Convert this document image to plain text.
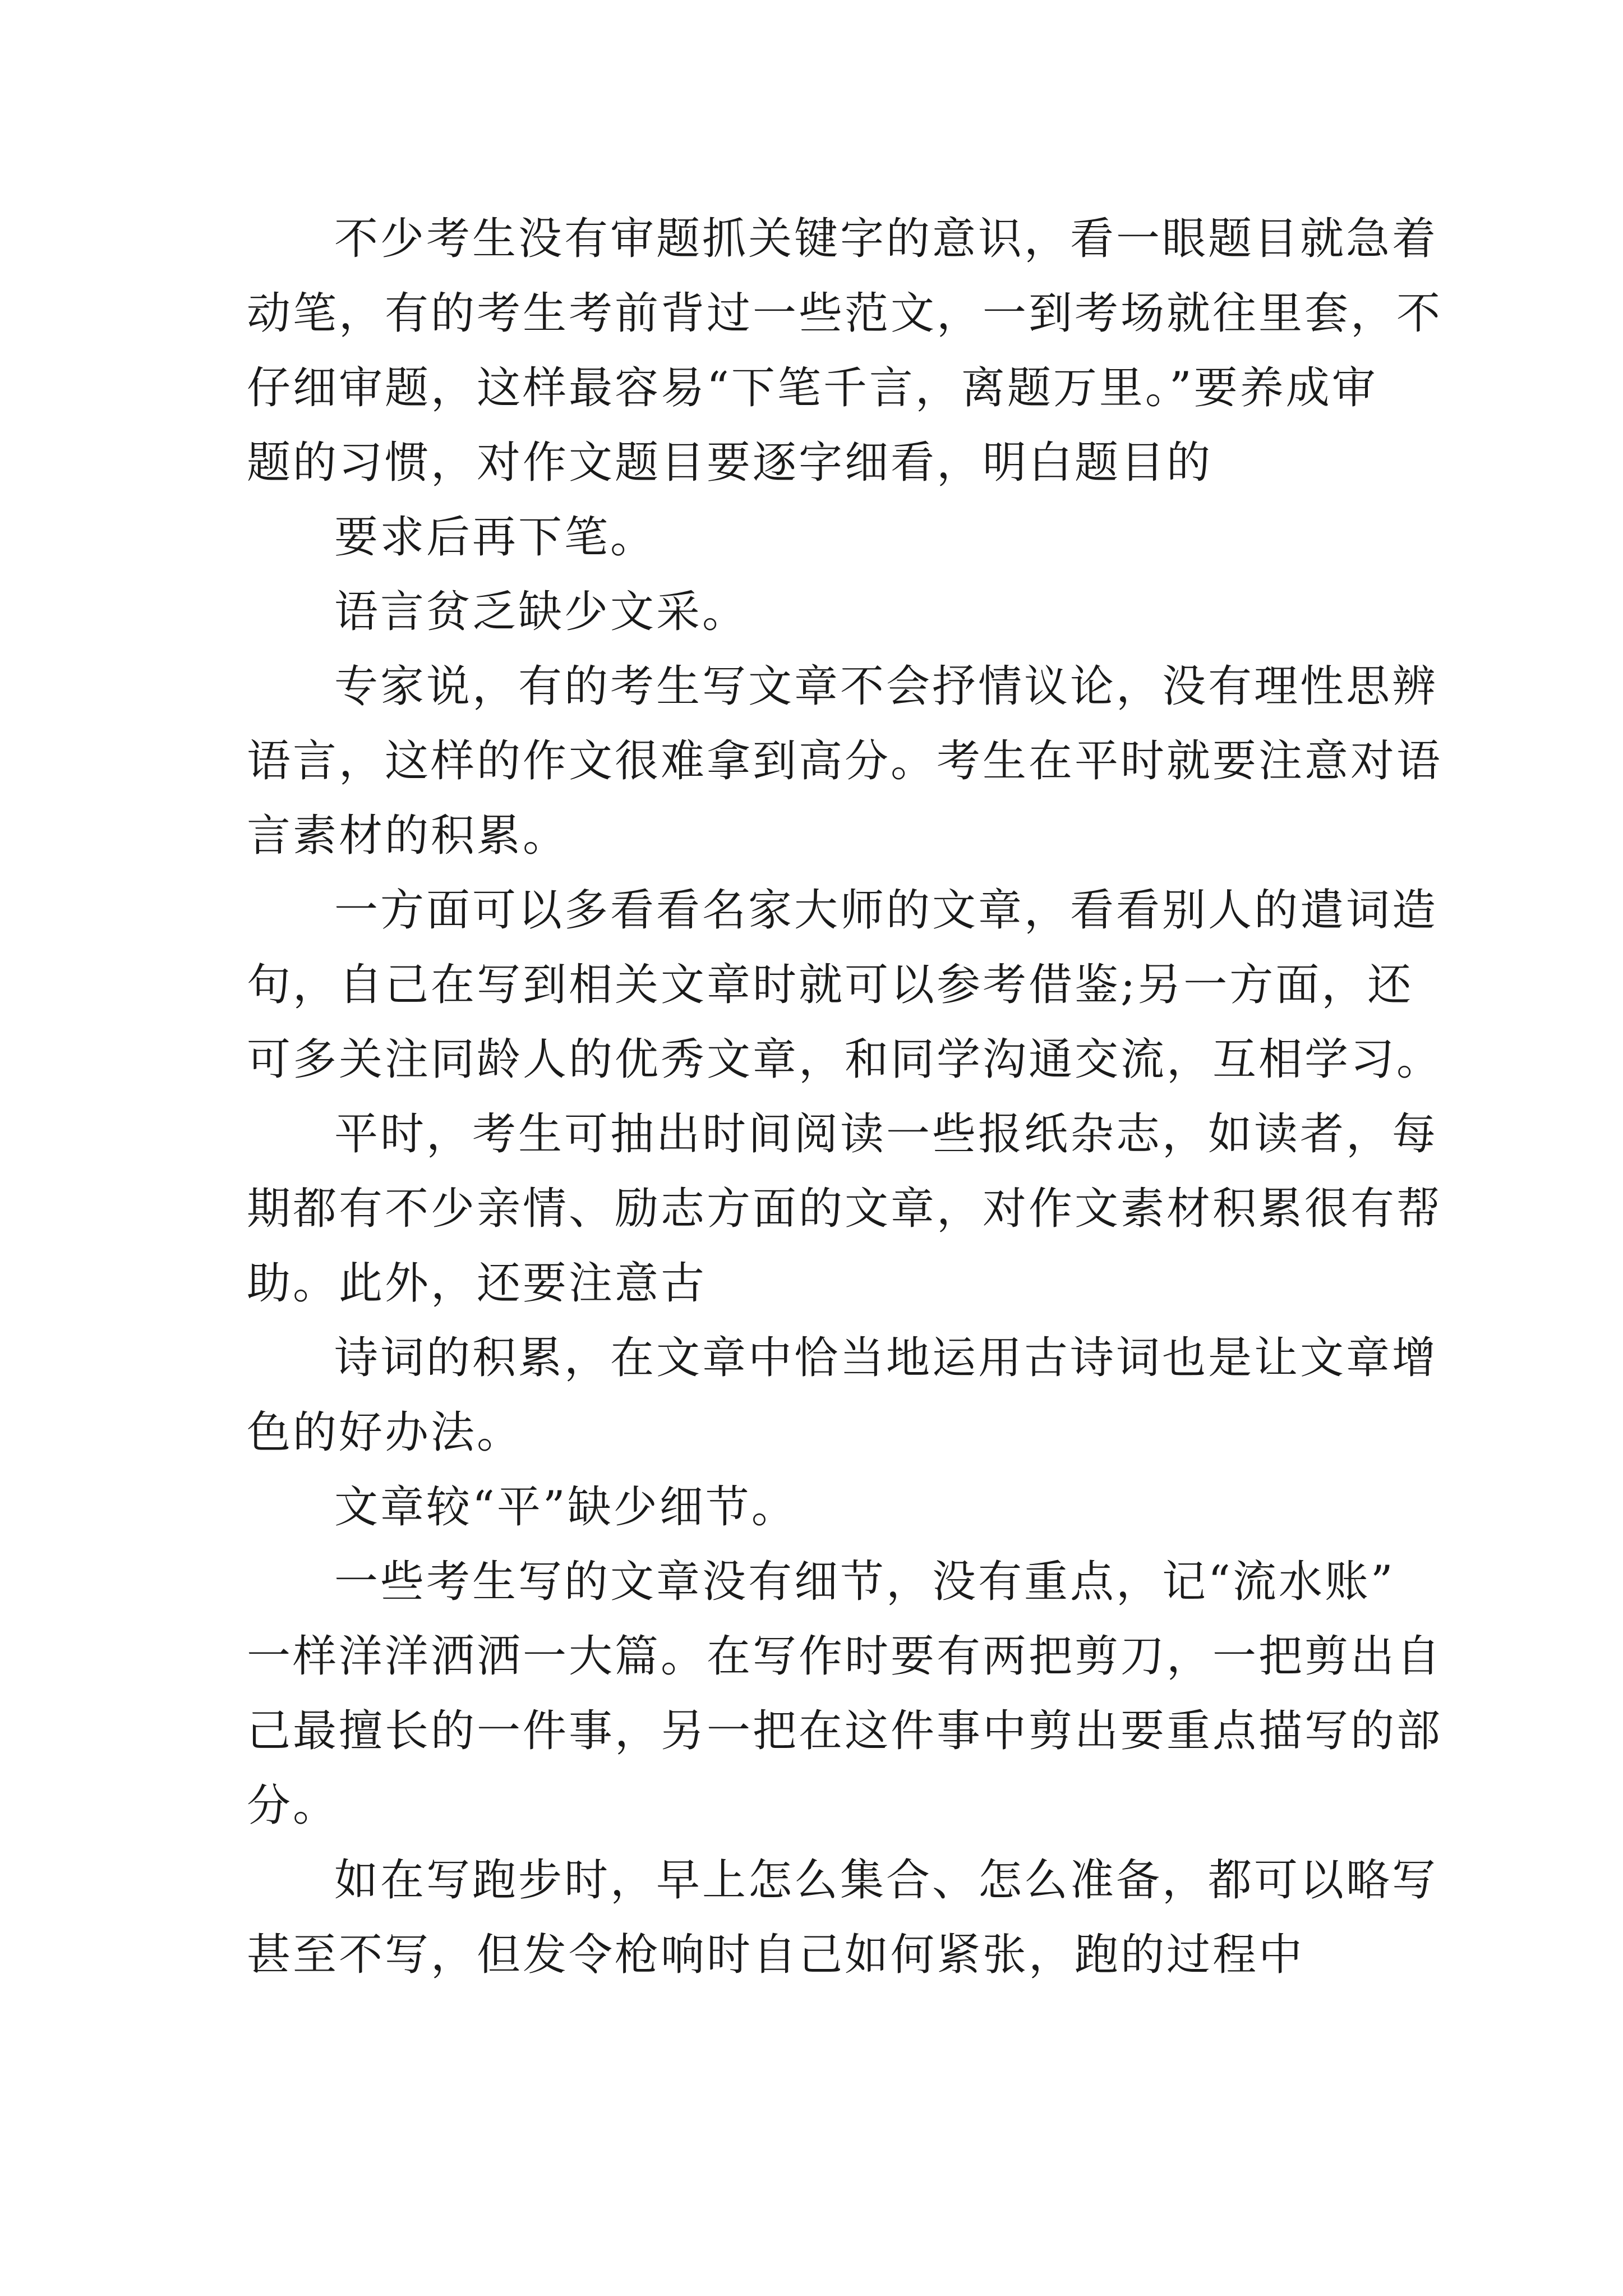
不少考生没有审题抓关键字的意识，看一眼题目就急着

动笔，有的考生考前背过一些范文，一到考场就往里套，不

仔细审题，这样最容易“下笔千言，离题万里。”要养成审

题的习惯，对作文题目要逐字细看，明白题目的

要求后再下笔。

语言贫乏缺少文采。

专家说，有的考生写文章不会抒情议论，没有理性思辨

语言，这样的作文很难拿到高分。考生在平时就要注意对语

言素材的积累。

一方面可以多看看名家大师的文章，看看别人的遣词造

句，自己在写到相关文章时就可以参考借鉴;另一方面，还

可多关注同龄人的优秀文章，和同学沟通交流，互相学习。

平时，考生可抽出时间阅读一些报纸杂志，如读者，每

期都有不少亲情、励志方面的文章，对作文素材积累很有帮

助。此外，还要注意古

诗词的积累，在文章中恰当地运用古诗词也是让文章增

色的好办法。

文章较“平”缺少细节。

一些考生写的文章没有细节，没有重点，记“流水账”

一样洋洋洒洒一大篇。在写作时要有两把剪刀，一把剪出自

己最擅长的一件事，另一把在这件事中剪出要重点描写的部

分。

如在写跑步时，早上怎么集合、怎么准备，都可以略写

甚至不写，但发令枪响时自己如何紧张，跑的过程中
